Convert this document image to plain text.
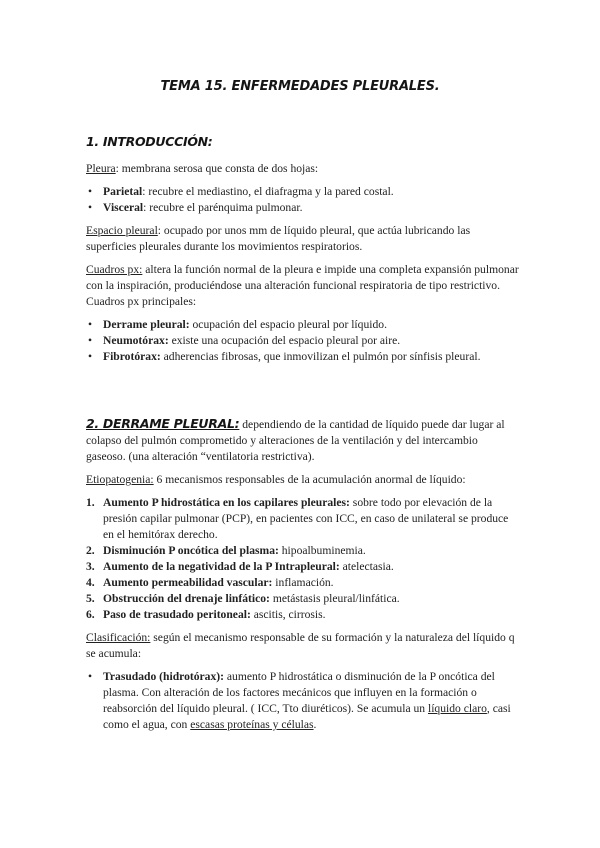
TEMA 15. ENFERMEDADES PLEURALES.
1. INTRODUCCIÓN:

Pleura: membrana serosa que consta de dos hojas:

• Parietal: recubre el mediastino, el diafragma y la pared costal.
• Visceral: recubre el parénquima pulmonar.

Espacio pleural: ocupado por unos mm de líquido pleural, que actúa lubricando las superficies pleurales durante los movimientos respiratorios.

Cuadros px: altera la función normal de la pleura e impide una completa expansión pulmonar con la inspiración, produciéndose una alteración funcional respiratoria de tipo restrictivo. Cuadros px principales:

• Derrame pleural: ocupación del espacio pleural por líquido.
• Neumotórax: existe una ocupación del espacio pleural por aire.
• Fibrotórax: adherencias fibrosas, que inmovilizan el pulmón por sínfisis pleural.

2. DERRAME PLEURAL: dependiendo de la cantidad de líquido puede dar lugar al colapso del pulmón comprometido y alteraciones de la ventilación y del intercambio gaseoso. (una alteración “ventilatoria restrictiva).

Etiopatogenia: 6 mecanismos responsables de la acumulación anormal de líquido:

1. Aumento P hidrostática en los capilares pleurales: sobre todo por elevación de la presión capilar pulmonar (PCP), en pacientes con ICC, en caso de unilateral se produce en el hemitórax derecho.
2. Disminución P oncótica del plasma: hipoalbuminemia.
3. Aumento de la negatividad de la P Intrapleural: atelectasia.
4. Aumento permeabilidad vascular: inflamación.
5. Obstrucción del drenaje linfático: metástasis pleural/linfática.
6. Paso de trasudado peritoneal: ascitis, cirrosis.

Clasificación: según el mecanismo responsable de su formación y la naturaleza del líquido q se acumula:

• Trasudado (hidrotórax): aumento P hidrostática o disminución de la P oncótica del plasma. Con alteración de los factores mecánicos que influyen en la formación o reabsorción del líquido pleural. ( ICC, Tto diuréticos). Se acumula un líquido claro, casi como el agua, con escasas proteínas y células.
